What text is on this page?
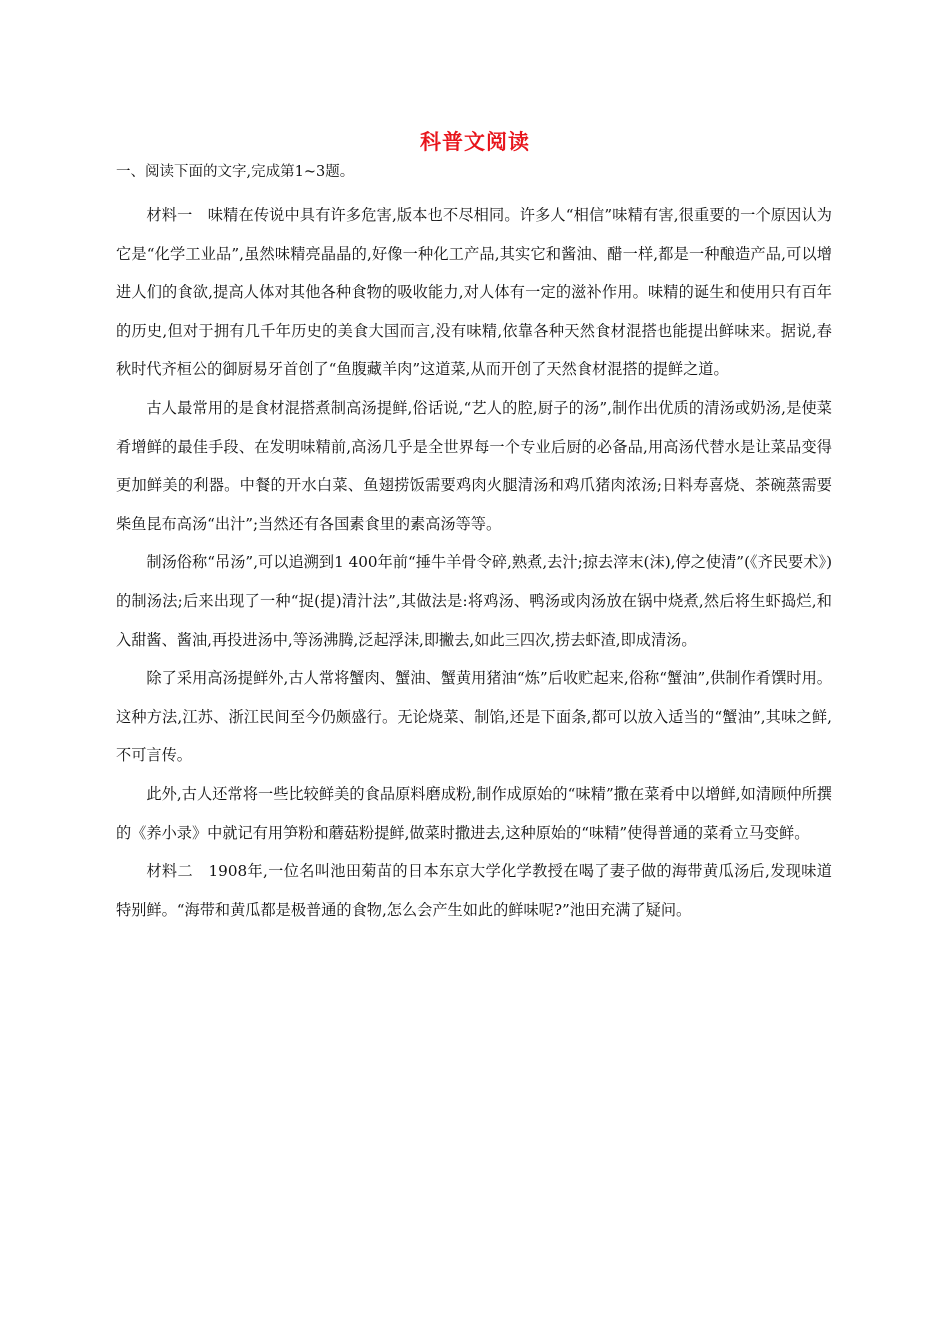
科普文阅读
一、阅读下面的文字,完成第1~3题。

材料一　味精在传说中具有许多危害,版本也不尽相同。许多人“相信”味精有害,很重要的一个原因认为它是“化学工业品”,虽然味精亮晶晶的,好像一种化工产品,其实它和酱油、醋一样,都是一种酿造产品,可以增进人们的食欲,提高人体对其他各种食物的吸收能力,对人体有一定的滋补作用。味精的诞生和使用只有百年的历史,但对于拥有几千年历史的美食大国而言,没有味精,依靠各种天然食材混搭也能提出鲜味来。据说,春秋时代齐桓公的御厨易牙首创了“鱼腹藏羊肉”这道菜,从而开创了天然食材混搭的提鲜之道。

古人最常用的是食材混搭煮制高汤提鲜,俗话说,“艺人的腔,厨子的汤”,制作出优质的清汤或奶汤,是使菜肴增鲜的最佳手段、在发明味精前,高汤几乎是全世界每一个专业后厨的必备品,用高汤代替水是让菜品变得更加鲜美的利器。中餐的开水白菜、鱼翅捞饭需要鸡肉火腿清汤和鸡爪猪肉浓汤;日料寿喜烧、茶碗蒸需要柴鱼昆布高汤“出汁”;当然还有各国素食里的素高汤等等。

制汤俗称“吊汤”,可以追溯到1 400年前“捶牛羊骨令碎,熟煮,去汁;掠去滓末(沫),停之使清”(《齐民要术》)的制汤法;后来出现了一种“捉(提)清汁法”,其做法是:将鸡汤、鸭汤或肉汤放在锅中烧煮,然后将生虾捣烂,和入甜酱、酱油,再投进汤中,等汤沸腾,泛起浮沫,即撇去,如此三四次,捞去虾渣,即成清汤。

除了采用高汤提鲜外,古人常将蟹肉、蟹油、蟹黄用猪油“炼”后收贮起来,俗称“蟹油”,供制作肴馔时用。这种方法,江苏、浙江民间至今仍颇盛行。无论烧菜、制馅,还是下面条,都可以放入适当的“蟹油”,其味之鲜,不可言传。

此外,古人还常将一些比较鲜美的食品原料磨成粉,制作成原始的“味精”撒在菜肴中以增鲜,如清顾仲所撰的《养小录》中就记有用笋粉和蘑菇粉提鲜,做菜时撒进去,这种原始的“味精”使得普通的菜肴立马变鲜。

材料二　1908年,一位名叫池田菊苗的日本东京大学化学教授在喝了妻子做的海带黄瓜汤后,发现味道特别鲜。“海带和黄瓜都是极普通的食物,怎么会产生如此的鲜味呢?”池田充满了疑问。
